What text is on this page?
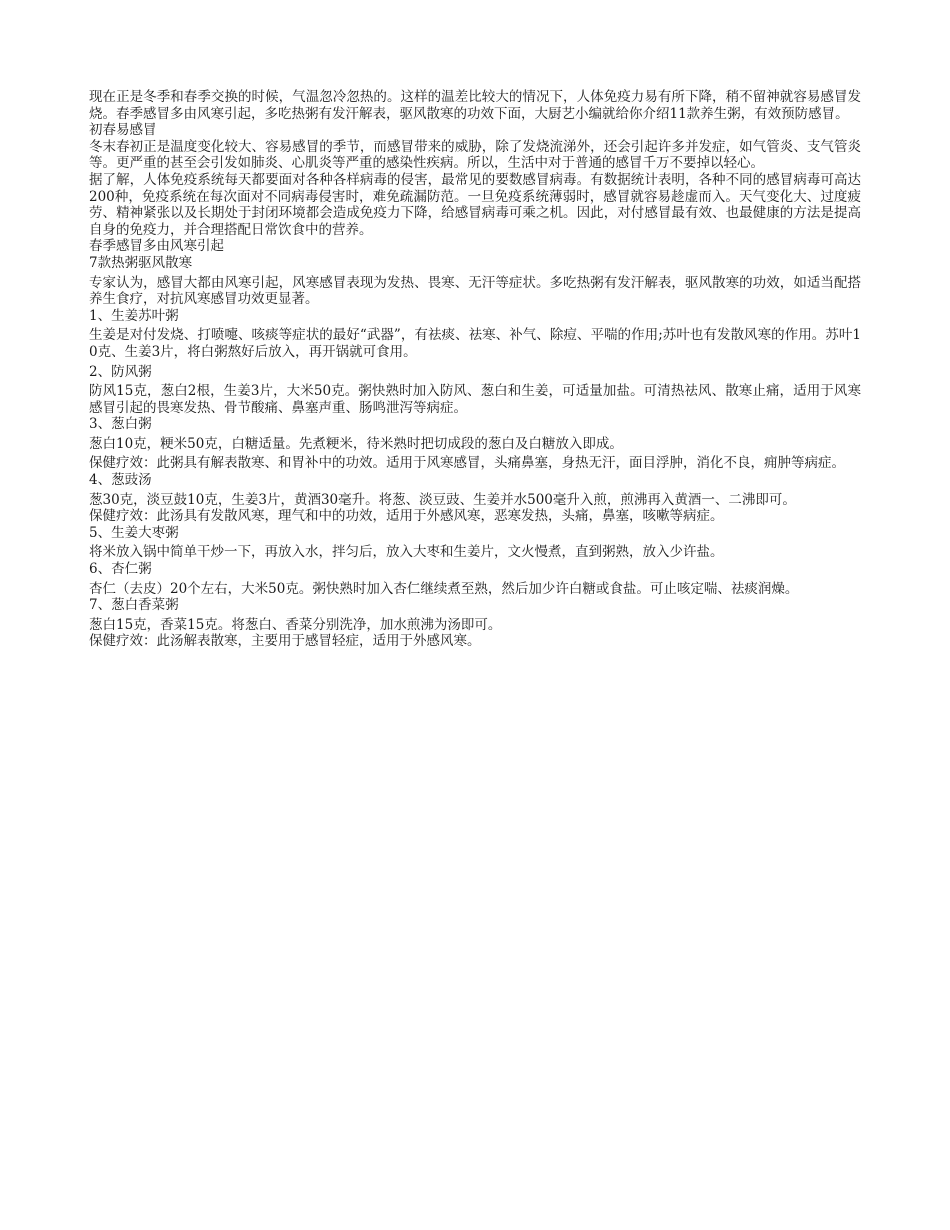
现在正是冬季和春季交换的时候，气温忽冷忽热的。这样的温差比较大的情况下，人体免疫力易有所下降，稍不留神就容易感冒发烧。春季感冒多由风寒引起，多吃热粥有发汗解表，驱风散寒的功效下面，大厨艺小编就给你介绍11款养生粥，有效预防感冒。

初春易感冒

冬末春初正是温度变化较大、容易感冒的季节，而感冒带来的威胁，除了发烧流涕外，还会引起许多并发症，如气管炎、支气管炎等。更严重的甚至会引发如肺炎、心肌炎等严重的感染性疾病。所以，生活中对于普通的感冒千万不要掉以轻心。

据了解，人体免疫系统每天都要面对各种各样病毒的侵害，最常见的要数感冒病毒。有数据统计表明，各种不同的感冒病毒可高达200种，免疫系统在每次面对不同病毒侵害时，难免疏漏防范。一旦免疫系统薄弱时，感冒就容易趁虚而入。天气变化大、过度疲劳、精神紧张以及长期处于封闭环境都会造成免疫力下降，给感冒病毒可乘之机。因此，对付感冒最有效、也最健康的方法是提高自身的免疫力，并合理搭配日常饮食中的营养。

春季感冒多由风寒引起

7款热粥驱风散寒

专家认为，感冒大都由风寒引起，风寒感冒表现为发热、畏寒、无汗等症状。多吃热粥有发汗解表，驱风散寒的功效，如适当配搭养生食疗，对抗风寒感冒功效更显著。

1、生姜苏叶粥

生姜是对付发烧、打喷嚏、咳痰等症状的最好“武器”，有祛痰、祛寒、补气、除痘、平喘的作用;苏叶也有发散风寒的作用。苏叶10克、生姜3片，将白粥熬好后放入，再开锅就可食用。

2、防风粥

防风15克，葱白2根，生姜3片，大米50克。粥快熟时加入防风、葱白和生姜，可适量加盐。可清热祛风、散寒止痛，适用于风寒感冒引起的畏寒发热、骨节酸痛、鼻塞声重、肠鸣泄泻等病症。

3、葱白粥

葱白10克，粳米50克，白糖适量。先煮粳米，待米熟时把切成段的葱白及白糖放入即成。

保健疗效：此粥具有解表散寒、和胃补中的功效。适用于风寒感冒，头痛鼻塞，身热无汗，面目浮肿，消化不良，痈肿等病症。

4、葱豉汤

葱30克，淡豆鼓10克，生姜3片，黄酒30毫升。将葱、淡豆豉、生姜并水500毫升入煎，煎沸再入黄酒一、二沸即可。

保健疗效：此汤具有发散风寒，理气和中的功效，适用于外感风寒，恶寒发热，头痛，鼻塞，咳嗽等病症。

5、生姜大枣粥

将米放入锅中简单干炒一下，再放入水，拌匀后，放入大枣和生姜片，文火慢煮，直到粥熟，放入少许盐。

6、杏仁粥

杏仁（去皮）20个左右，大米50克。粥快熟时加入杏仁继续煮至熟，然后加少许白糖或食盐。可止咳定喘、祛痰润燥。

7、葱白香菜粥

葱白15克，香菜15克。将葱白、香菜分别洗净，加水煎沸为汤即可。

保健疗效：此汤解表散寒，主要用于感冒轻症，适用于外感风寒。
